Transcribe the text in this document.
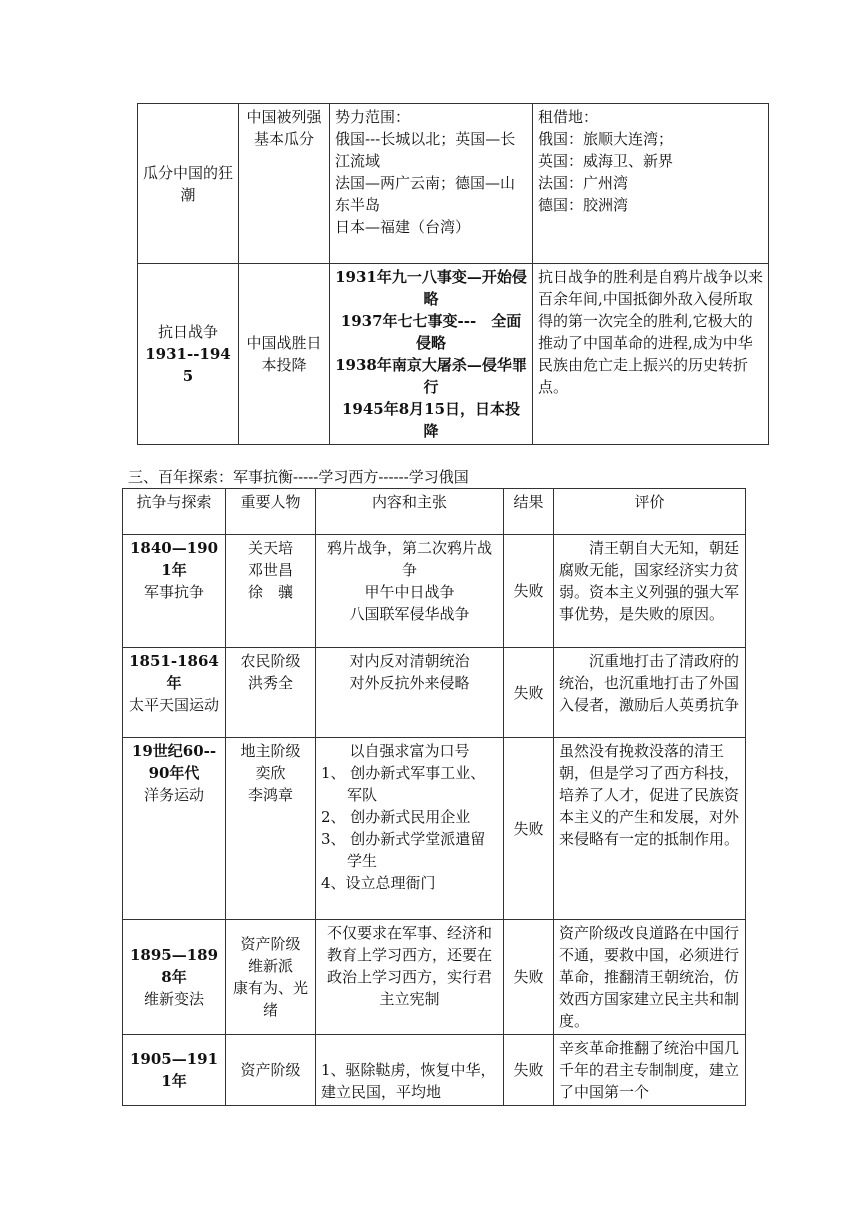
瓜分中国的狂潮	中国被列强基本瓜分	势力范围：
俄国---长城以北；英国—长江流域
法国—两广云南；德国—山东半岛
日本—福建（台湾）	租借地：
俄国：旅顺大连湾；
英国：威海卫、新界
法国：广州湾
德国：胶洲湾

抗日战争
1931--1945	中国战胜日本投降	1931年九一八事变—开始侵略
1937年七七事变---　全面侵略
1938年南京大屠杀—侵华罪行
1945年8月15日，日本投降	抗日战争的胜利是自鸦片战争以来百余年间,中国抵御外敌入侵所取得的第一次完全的胜利,它极大的推动了中国革命的进程,成为中华民族由危亡走上振兴的历史转折点。
三、百年探索：军事抗衡-----学习西方------学习俄国
抗争与探索	重要人物	内容和主张	结果	评价

1840—1901年
军事抗争	关天培
邓世昌
徐　骧	鸦片战争，第二次鸦片战争
甲午中日战争
八国联军侵华战争	失败	清王朝自大无知，朝廷腐败无能，国家经济实力贫弱。资本主义列强的强大军事优势，是失败的原因。

1851-1864年
太平天国运动	农民阶级
洪秀全	对内反对清朝统治
对外反抗外来侵略	失败	沉重地打击了清政府的统治，也沉重地打击了外国入侵者，激励后人英勇抗争

19世纪60--90年代
洋务运动	地主阶级
奕欣
李鸿章	以自强求富为口号
1、 创办新式军事工业、军队
2、 创办新式民用企业
3、 创办新式学堂派遣留学生
4、设立总理衙门	失败	虽然没有挽救没落的清王朝，但是学习了西方科技，培养了人才，促进了民族资本主义的产生和发展，对外来侵略有一定的抵制作用。

1895—1898年
维新变法	资产阶级
维新派
康有为、光绪	不仅要求在军事、经济和教育上学习西方，还要在政治上学习西方，实行君主立宪制	失败	资产阶级改良道路在中国行不通，要救中国，必须进行革命，推翻清王朝统治，仿效西方国家建立民主共和制度。
1905—1911年	资产阶级	1、驱除鞑虏，恢复中华，建立民国，平均地	失败	辛亥革命推翻了统治中国几千年的君主专制制度，建立了中国第一个
